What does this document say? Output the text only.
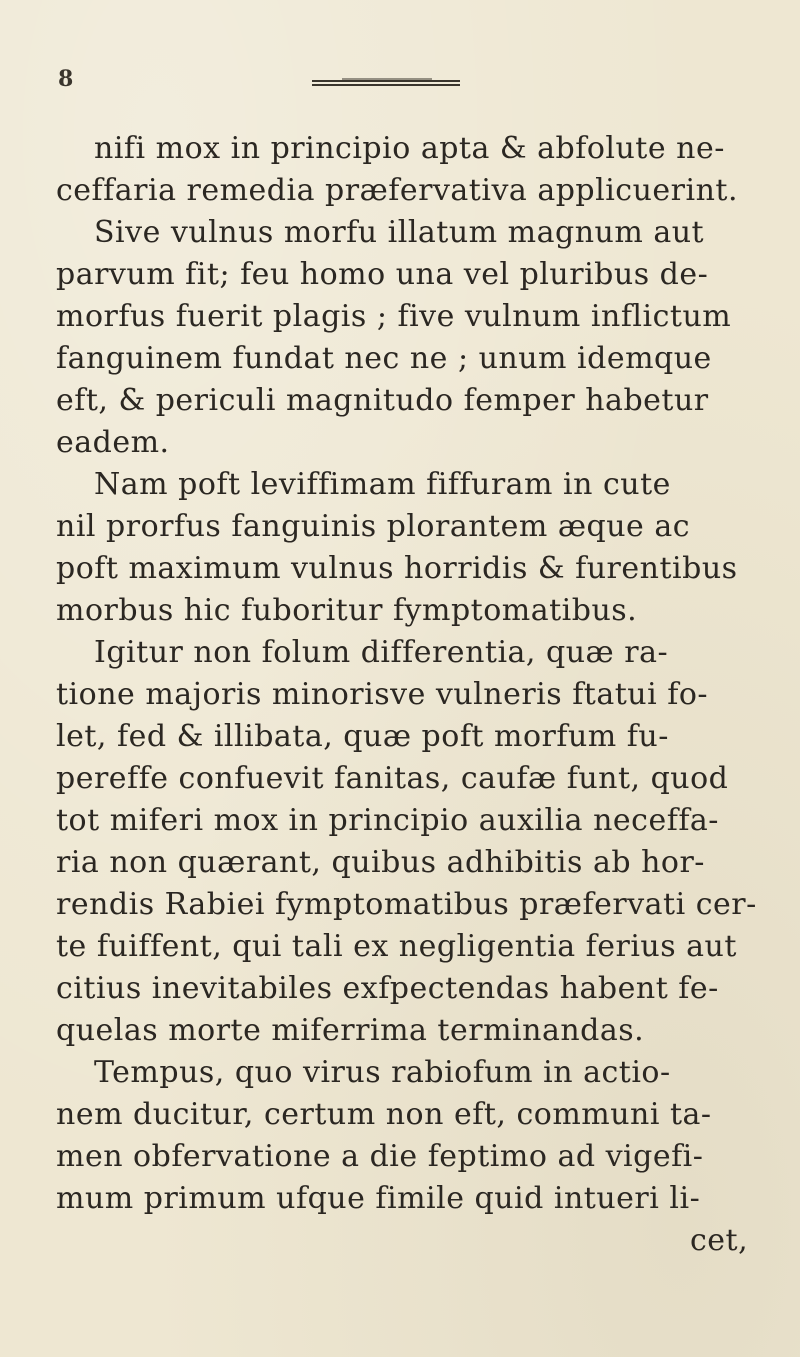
8
nifi mox in principio apta & abfolute ne-
ceffaria remedia præfervativa applicuerint.
Sive vulnus morfu illatum magnum aut
parvum fit; feu homo una vel pluribus de-
morfus fuerit plagis ; five vulnum inflictum
fanguinem fundat nec ne ; unum idemque
eft, & periculi magnitudo femper habetur
eadem.
Nam poft leviffimam fiffuram in cute
nil prorfus fanguinis plorantem æque ac
poft maximum vulnus horridis & furentibus
morbus hic fuboritur fymptomatibus.
Igitur non folum differentia, quæ ra-
tione majoris minorisve vulneris ftatui fo-
let, fed & illibata, quæ poft morfum fu-
pereffe confuevit fanitas, caufæ funt, quod
tot miferi mox in principio auxilia neceffa-
ria non quærant, quibus adhibitis ab hor-
rendis Rabiei fymptomatibus præfervati cer-
te fuiffent, qui tali ex negligentia ferius aut
citius inevitabiles exfpectendas habent fe-
quelas morte miferrima terminandas.
Tempus, quo virus rabiofum in actio-
nem ducitur, certum non eft, communi ta-
men obfervatione a die feptimo ad vigefi-
mum primum ufque fimile quid intueri li-
cet,
